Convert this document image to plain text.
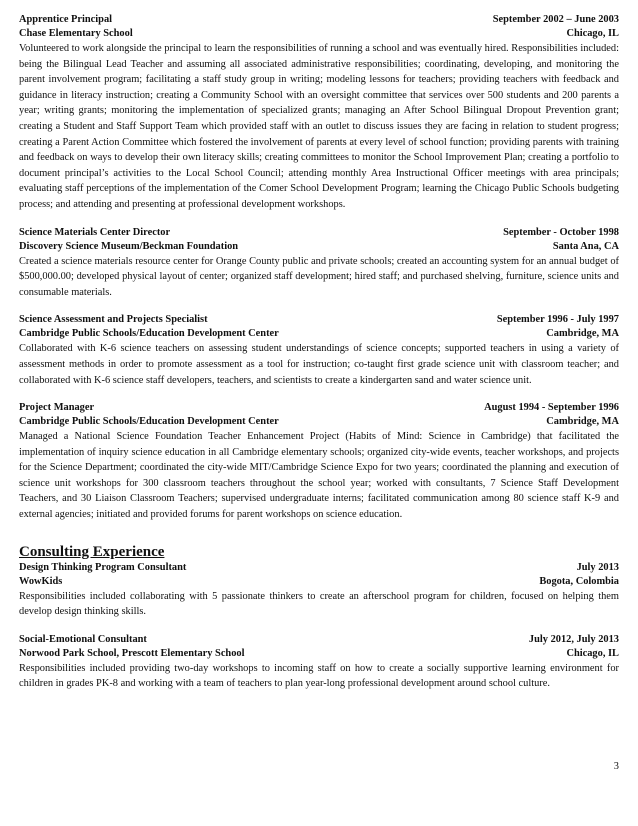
Apprentice Principal	September 2002 – June 2003
Chase Elementary School	Chicago, IL

Volunteered to work alongside the principal to learn the responsibilities of running a school and was eventually hired. Responsibilities included: being the Bilingual Lead Teacher and assuming all associated administrative responsibilities; coordinating, developing, and monitoring the parent involvement program; facilitating a staff study group in writing; modeling lessons for teachers; providing teachers with feedback and guidance in literacy instruction; creating a Community School with an oversight committee that services over 500 students and 200 parents a year; writing grants; monitoring the implementation of specialized grants; managing an After School Bilingual Dropout Prevention grant; creating a Student and Staff Support Team which provided staff with an outlet to discuss issues they are facing in relation to student progress; creating a Parent Action Committee which fostered the involvement of parents at every level of school function; providing parents with training and feedback on ways to develop their own literacy skills; creating committees to monitor the School Improvement Plan; creating a portfolio to document principal’s activities to the Local School Council; attending monthly Area Instructional Officer meetings with area principals; evaluating staff perceptions of the implementation of the Comer School Development Program; learning the Chicago Public Schools budgeting process; and attending and presenting at professional development workshops.

Science Materials Center Director	September - October 1998
Discovery Science Museum/Beckman Foundation	Santa Ana, CA

Created a science materials resource center for Orange County public and private schools; created an accounting system for an annual budget of $500,000.00; developed physical layout of center; organized staff development; hired staff; and purchased shelving, furniture, science units and consumable materials.

Science Assessment and Projects Specialist	September 1996 - July 1997
Cambridge Public Schools/Education Development Center	Cambridge, MA

Collaborated with K-6 science teachers on assessing student understandings of science concepts; supported teachers in using a variety of assessment methods in order to promote assessment as a tool for instruction; co-taught first grade science unit with classroom teacher; and collaborated with K-6 science staff developers, teachers, and scientists to create a kindergarten sand and water science unit.

Project Manager	August 1994 - September 1996
Cambridge Public Schools/Education Development Center	Cambridge, MA

Managed a National Science Foundation Teacher Enhancement Project (Habits of Mind: Science in Cambridge) that facilitated the implementation of inquiry science education in all Cambridge elementary schools; organized city-wide events, teacher workshops, and projects for the Science Department; coordinated the city-wide MIT/Cambridge Science Expo for two years; coordinated the planning and execution of science unit workshops for 300 classroom teachers throughout the school year; worked with consultants, 7 Science Staff Development Teachers, and 30 Liaison Classroom Teachers; supervised undergraduate interns; facilitated communication among 80 science staff K-9 and external agencies; initiated and provided forums for parent workshops on science education.

Consulting Experience
Design Thinking Program Consultant	July 2013
WowKids	Bogota, Colombia

Responsibilities included collaborating with 5 passionate thinkers to create an afterschool program for children, focused on helping them develop design thinking skills.

Social-Emotional Consultant	July 2012, July 2013
Norwood Park School, Prescott Elementary School	Chicago, IL

Responsibilities included providing two-day workshops to incoming staff on how to create a socially supportive learning environment for children in grades PK-8 and working with a team of teachers to plan year-long professional development around school culture.

3
